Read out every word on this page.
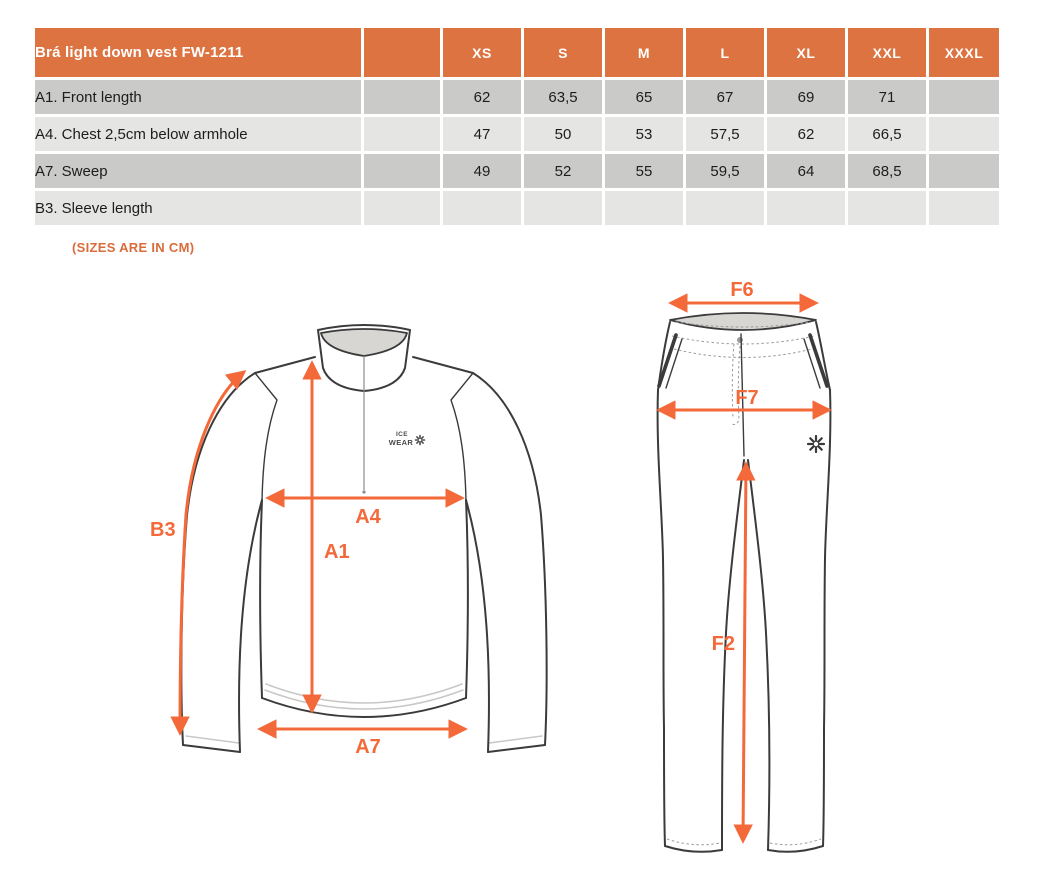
Brá light down vest FW-1211		XS	S	M	L	XL	XXL	XXXL
A1. Front length		62	63,5	65	67	69	71	
A4. Chest 2,5cm below armhole		47	50	53	57,5	62	66,5	
A7. Sweep		49	52	55	59,5	64	68,5	
B3. Sleeve length								
(SIZES ARE IN CM)
ICE
WEAR
B3
A4
A1
A7
F6
F7
F2
